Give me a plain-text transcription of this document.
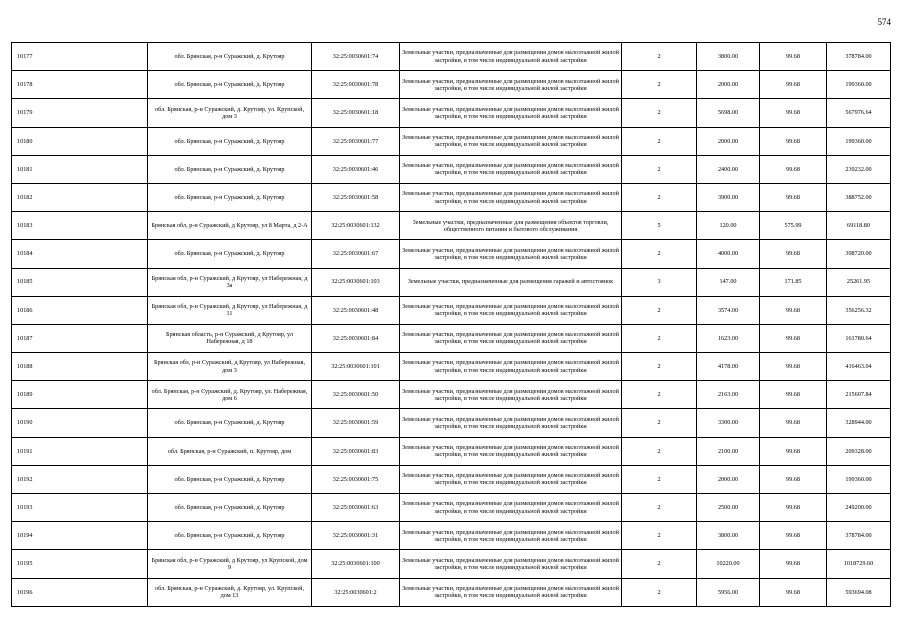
574
10177	обл. Брянская, р-н Суражский, д. Крутояр	32:25:0030601:74	Земельные участки, предназначенные для размещения домов малоэтажной жилой застройки, в том числе индивидуальной жилой застройки	2	3800.00	99.68	378784.00
10178	обл. Брянская, р-н Суражский, д. Крутояр	32:25:0030601:78	Земельные участки, предназначенные для размещения домов малоэтажной жилой застройки, в том числе индивидуальной жилой застройки	2	2000.00	99.68	199360.00
10179	обл. Брянская, р-н Суражский, д. Крутояр, ул. Крупской, дом 3	32:25:0030601:18	Земельные участки, предназначенные для размещения домов малоэтажной жилой застройки, в том числе индивидуальной жилой застройки	2	5698.00	99.68	567976.64
10180	обл. Брянская, р-н Суражский, д. Крутояр	32:25:0030601:77	Земельные участки, предназначенные для размещения домов малоэтажной жилой застройки, в том числе индивидуальной жилой застройки	2	2000.00	99.68	199360.00
10181	обл. Брянская, р-н Суражский, д. Крутояр	32:25:0030601:46	Земельные участки, предназначенные для размещения домов малоэтажной жилой застройки, в том числе индивидуальной жилой застройки	2	2400.00	99.68	239232.00
10182	обл. Брянская, р-н Суражский, д. Крутояр	32:25:0030601:58	Земельные участки, предназначенные для размещения домов малоэтажной жилой застройки, в том числе индивидуальной жилой застройки	2	3900.00	99.68	388752.00
10183	Брянская обл, р-н Суражский, д Крутояр, ул 8 Марта, д 2-А	32:25:0030601:132	Земельные участки, предназначенные для размещения объектов торговли, общественного питания и бытового обслуживания	5	120.00	575.99	69118.80
10184	обл. Брянская, р-н Суражский, д. Крутояр	32:25:0030601:67	Земельные участки, предназначенные для размещения домов малоэтажной жилой застройки, в том числе индивидуальной жилой застройки	2	4000.00	99.68	398720.00
10185	Брянская обл, р-н Суражский, д Крутояр, ул Набережная, д 3а	32:25:0030601:103	Земельные участки, предназначенные для размещения гаражей и автостоянок	3	147.00	171.85	25261.95
10186	Брянская обл, р-н Суражский, д Крутояр, ул Набережная, д 11	32:25:0030601:48	Земельные участки, предназначенные для размещения домов малоэтажной жилой застройки, в том числе индивидуальной жилой застройки	2	3574.00	99.68	356256.32
10187	Брянская область, р-н Суражский, д Крутояр, ул Набережная, д 18	32:25:0030601:84	Земельные участки, предназначенные для размещения домов малоэтажной жилой застройки, в том числе индивидуальной жилой застройки	2	1623.00	99.68	161780.64
10188	Брянская обл, р-н Суражский, д Крутояр, ул Набережная, дом 3	32:25:0030601:101	Земельные участки, предназначенные для размещения домов малоэтажной жилой застройки, в том числе индивидуальной жилой застройки	2	4178.00	99.68	416463.04
10189	обл. Брянская, р-н Суражский, д. Крутояр, ул. Набережная, дом 6	32:25:0030601:50	Земельные участки, предназначенные для размещения домов малоэтажной жилой застройки, в том числе индивидуальной жилой застройки	2	2163.00	99.68	215607.84
10190	обл. Брянская, р-н Суражский, д. Крутояр	32:25:0030601:59	Земельные участки, предназначенные для размещения домов малоэтажной жилой застройки, в том числе индивидуальной жилой застройки	2	3300.00	99.68	328944.00
10191	обл. Брянская, р-н Суражский, п. Крутояр, дом	32:25:0030601:83	Земельные участки, предназначенные для размещения домов малоэтажной жилой застройки, в том числе индивидуальной жилой застройки	2	2100.00	99.68	209328.00
10192	обл. Брянская, р-н Суражский, д. Крутояр	32:25:0030601:75	Земельные участки, предназначенные для размещения домов малоэтажной жилой застройки, в том числе индивидуальной жилой застройки	2	2000.00	99.68	199360.00
10193	обл. Брянская, р-н Суражский, д. Крутояр	32:25:0030601:63	Земельные участки, предназначенные для размещения домов малоэтажной жилой застройки, в том числе индивидуальной жилой застройки	2	2500.00	99.68	249200.00
10194	обл. Брянская, р-н Суражский, д. Крутояр	32:25:0030601:31	Земельные участки, предназначенные для размещения домов малоэтажной жилой застройки, в том числе индивидуальной жилой застройки	2	3800.00	99.68	378784.00
10195	Брянская обл, р-н Суражский, д Крутояр, ул Крупской, дом 9	32:25:0030601:100	Земельные участки, предназначенные для размещения домов малоэтажной жилой застройки, в том числе индивидуальной жилой застройки	2	10220.00	99.68	1018729.60
10196	обл. Брянская, р-н Суражский, д. Крутояр, ул. Крупской, дом 13	32:25:0030601:2	Земельные участки, предназначенные для размещения домов малоэтажной жилой застройки, в том числе индивидуальной жилой застройки	2	5956.00	99.68	593694.08
